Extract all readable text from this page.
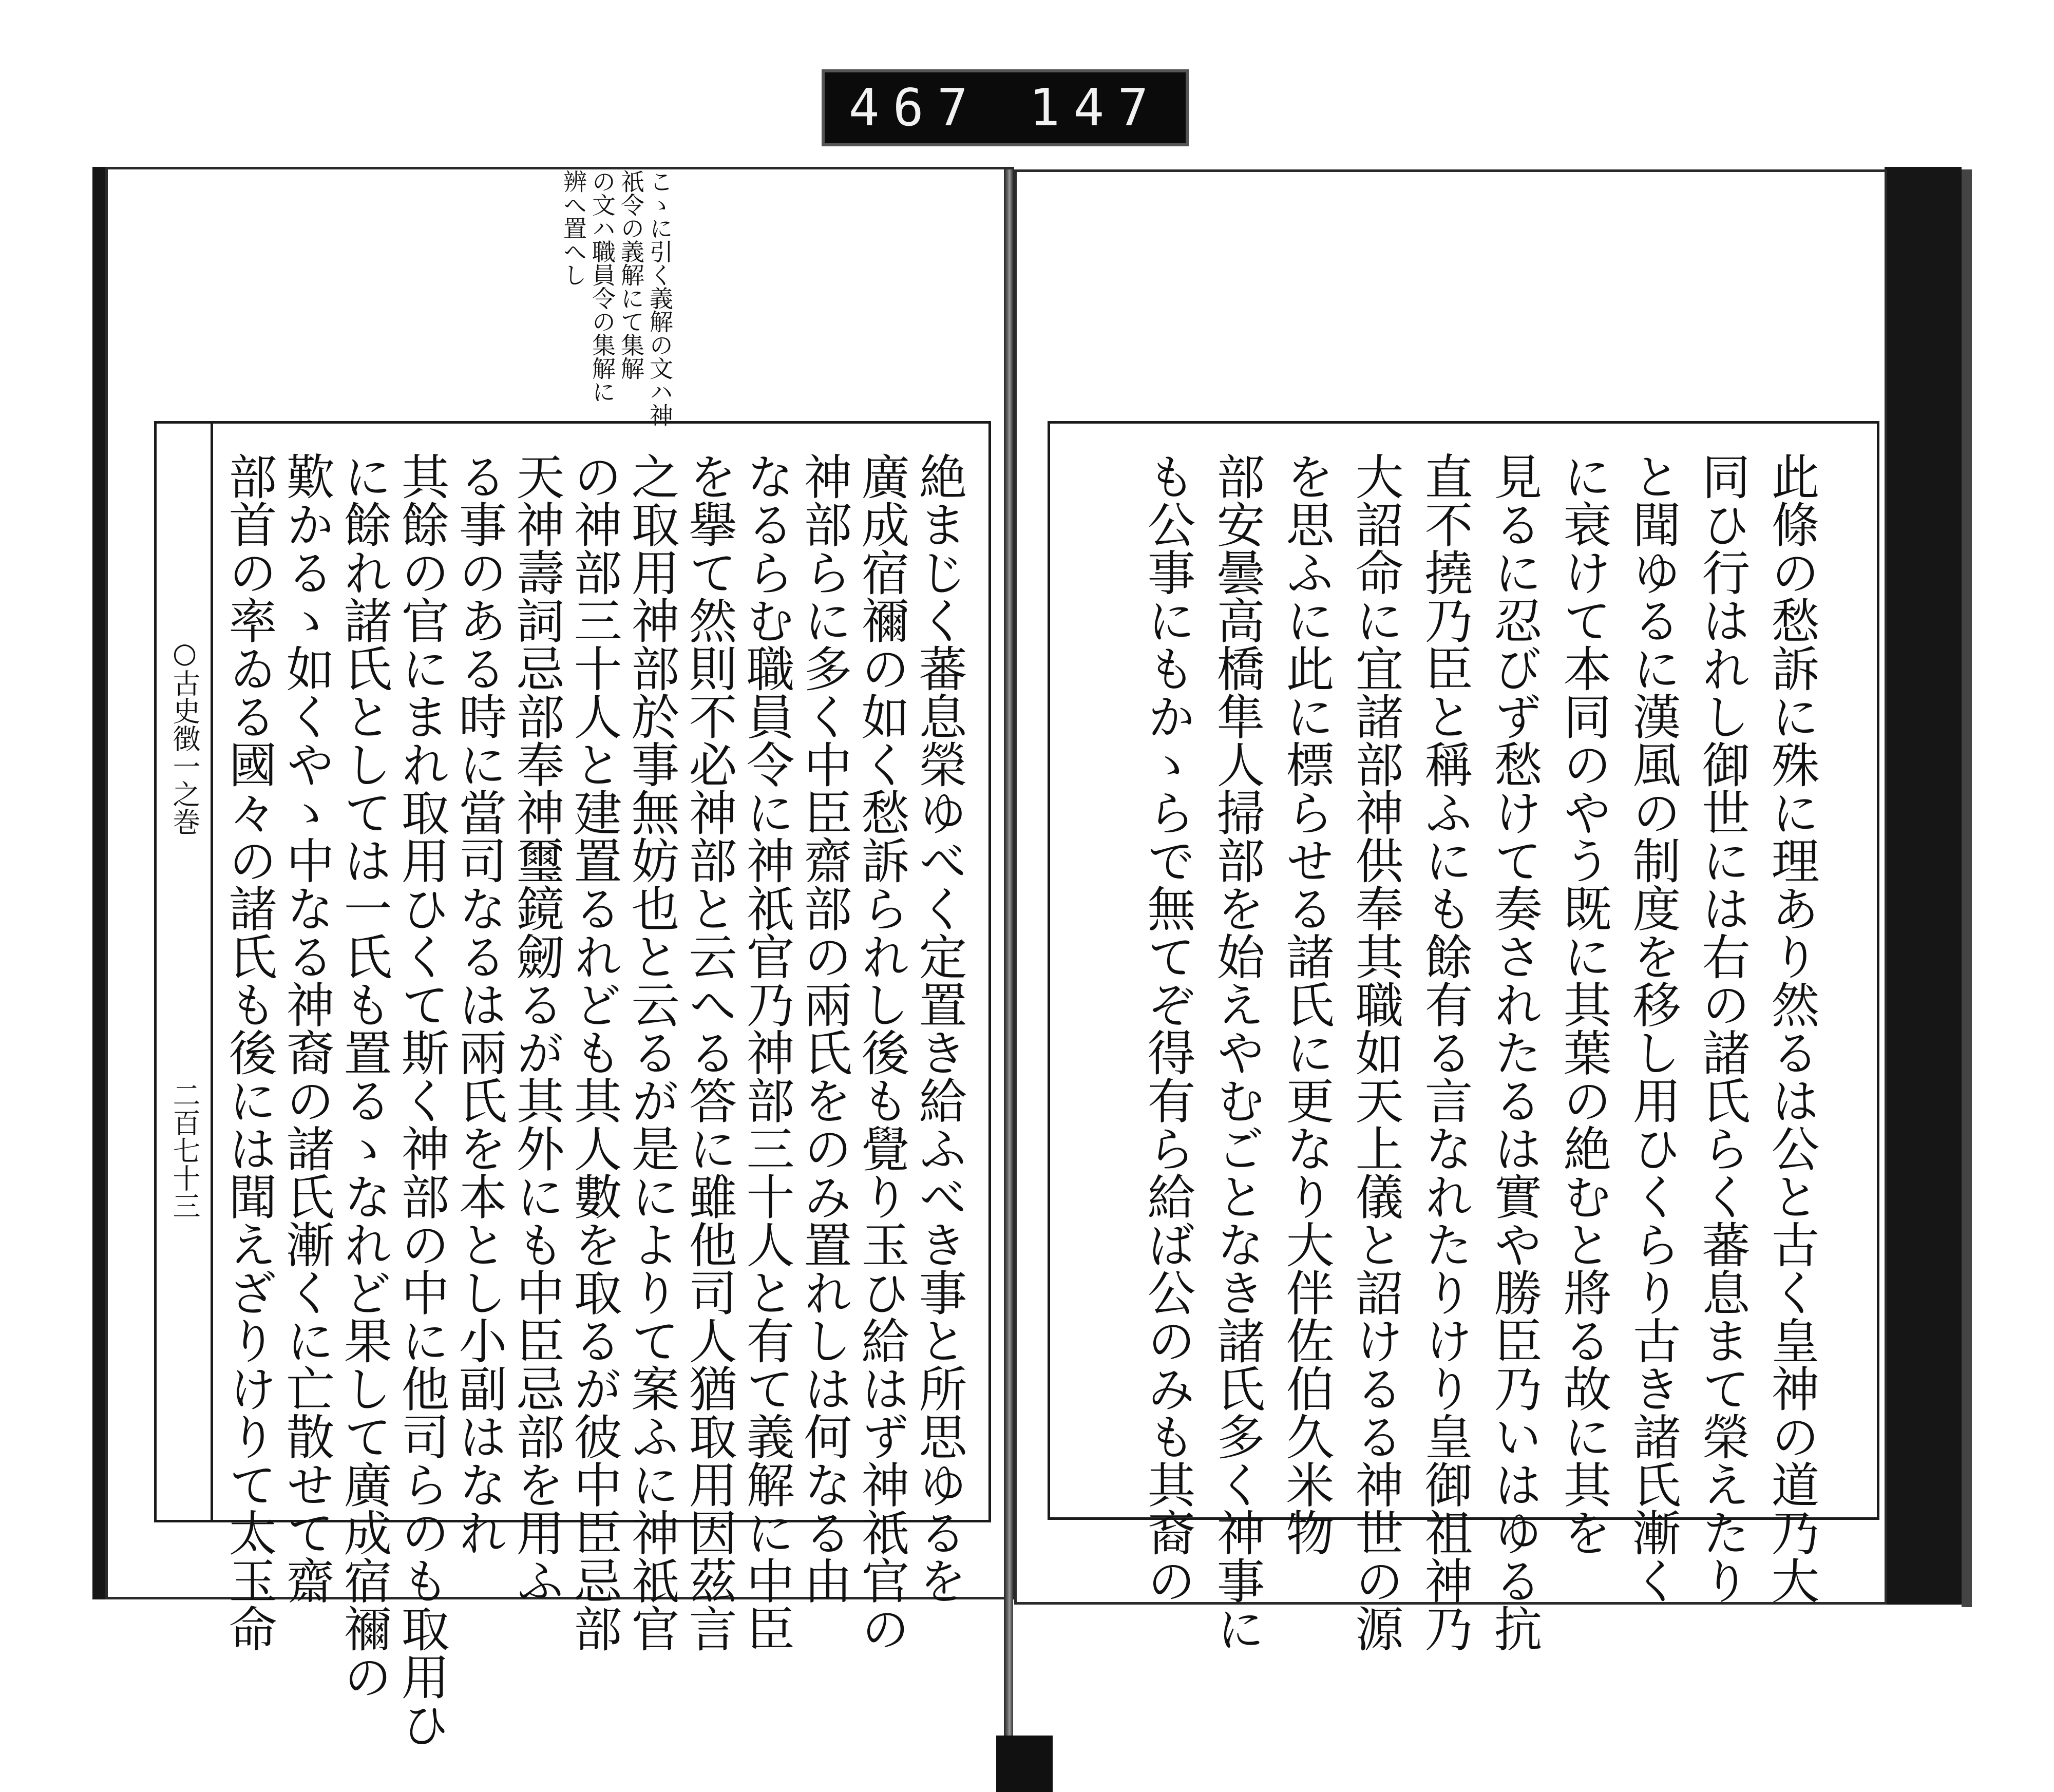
467 147
こゝに引く義解の文ハ神
祇令の義解にて集解
の文ハ職員令の集解に
辨へ置へし
絶まじく蕃息榮ゆべく定置き給ふべき事と所思ゆるを
廣成宿禰の如く愁訴られし後も覺り玉ひ給はず神祇官の
神部らに多く中臣齋部の兩氏をのみ置れしは何なる由
なるらむ職員令に神祇官乃神部三十人と有て義解に中臣
を擧て然則不必神部と云へる答に雖他司人猶取用因茲言
之取用神部於事無妨也と云るが是によりて案ふに神祇官
の神部三十人と建置るれども其人數を取るが彼中臣忌部
天神壽詞忌部奉神璽鏡劒るが其外にも中臣忌部を用ふ
る事のある時に當司なるは兩氏を本とし小副はなれ
其餘の官にまれ取用ひくて斯く神部の中に他司らのも取用ひ
に餘れ諸氏としては一氏も置るゝなれど果して廣成宿禰の
歎かるゝ如くやゝ中なる神裔の諸氏漸くに亡散せて齋
部首の率ゐる國々の諸氏も後には聞えざりけりて太玉命
○古史徴一之巻
二百七十三	此條の愁訴に殊に理あり然るは公と古く皇神の道乃大
同ひ行はれし御世には右の諸氏らく蕃息まて榮えたり
と聞ゆるに漢風の制度を移し用ひくらり古き諸氏漸く
に衰けて本同のやう既に其葉の絶むと將る故に其を
見るに忍びず愁けて奏されたるは實や勝臣乃いはゆる抗
直不撓乃臣と稱ふにも餘有る言なれたりけり皇御祖神乃
大詔命に宜諸部神供奉其職如天上儀と詔けるる神世の源
を思ふに此に標らせる諸氏に更なり大伴佐伯久米物
部安曇高橋隼人掃部を始えやむごとなき諸氏多く神事に
も公事にもかゝらで無てぞ得有ら給ば公のみも其裔の
